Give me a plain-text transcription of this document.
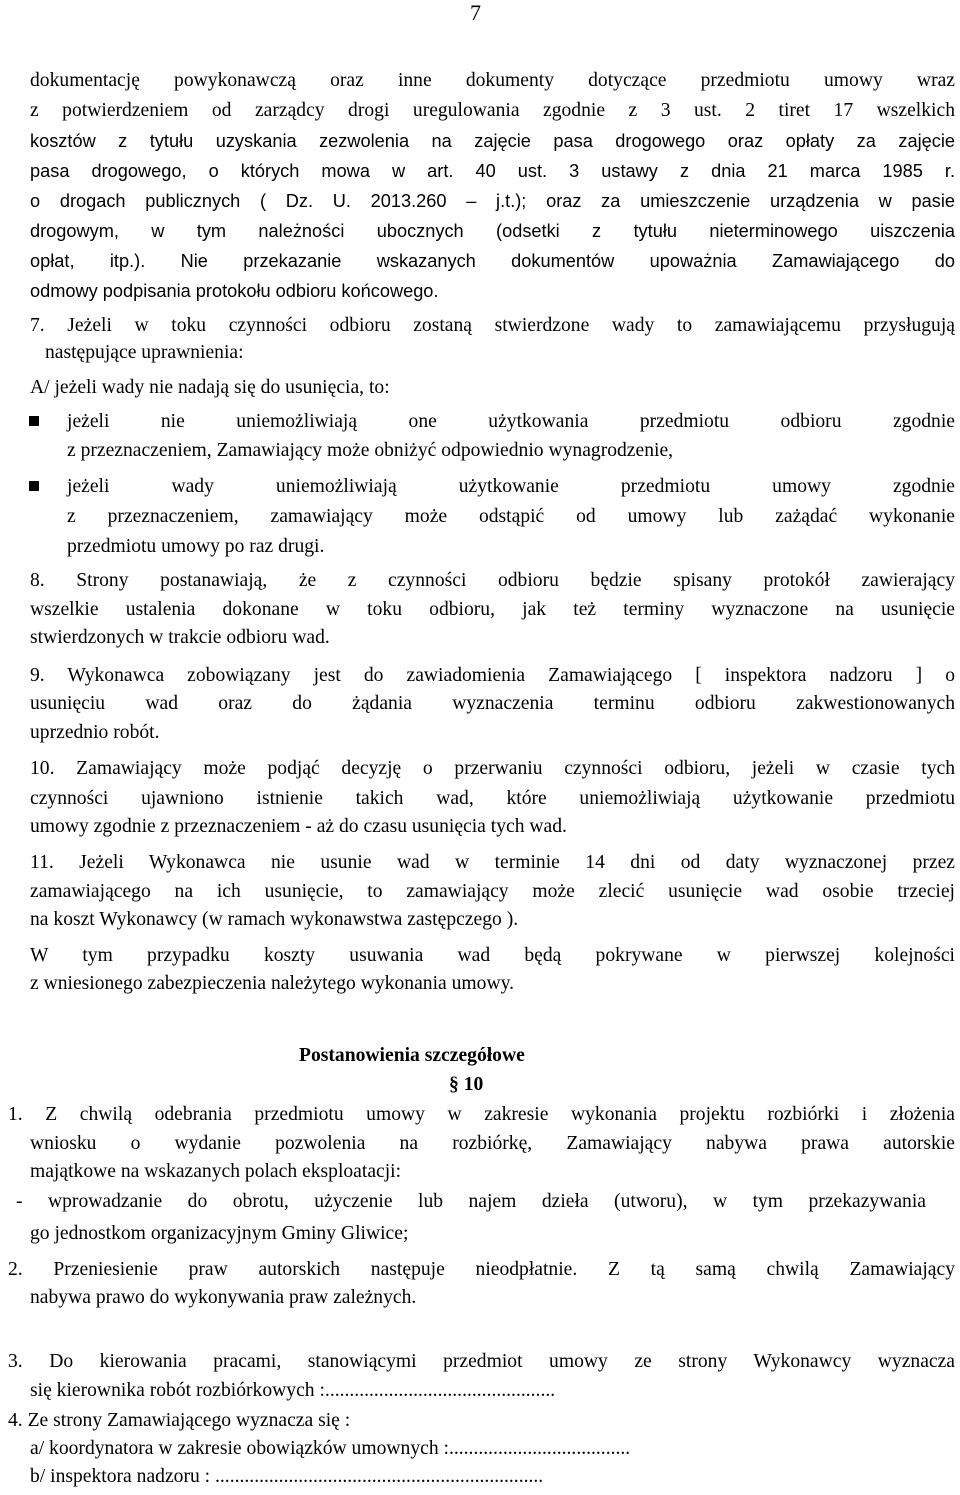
7
dokumentację powykonawczą oraz inne dokumenty dotyczące przedmiotu umowy wraz
z potwierdzeniem od zarządcy drogi uregulowania zgodnie z 3 ust. 2 tiret 17 wszelkich
kosztów z tytułu uzyskania zezwolenia na zajęcie pasa drogowego oraz opłaty za zajęcie
pasa drogowego, o których mowa w art. 40 ust. 3 ustawy z dnia 21 marca 1985 r.
o drogach publicznych ( Dz. U. 2013.260 – j.t.); oraz za umieszczenie urządzenia w pasie
drogowym, w tym należności ubocznych (odsetki z tytułu nieterminowego uiszczenia
opłat, itp.). Nie przekazanie wskazanych dokumentów upoważnia Zamawiającego do
odmowy podpisania protokołu odbioru końcowego.
7. Jeżeli w toku czynności odbioru zostaną stwierdzone wady to zamawiającemu przysługują
następujące uprawnienia:
A/ jeżeli wady nie nadają się do usunięcia, to:
jeżeli nie uniemożliwiają one użytkowania przedmiotu odbioru zgodnie
z przeznaczeniem, Zamawiający może obniżyć odpowiednio wynagrodzenie,
jeżeli wady uniemożliwiają użytkowanie przedmiotu umowy zgodnie
z przeznaczeniem, zamawiający może odstąpić od umowy lub zażądać wykonanie
przedmiotu umowy po raz drugi.
8. Strony postanawiają, że z czynności odbioru będzie spisany protokół zawierający
wszelkie ustalenia dokonane w toku odbioru, jak też terminy wyznaczone na usunięcie
stwierdzonych w trakcie odbioru wad.
9. Wykonawca zobowiązany jest do zawiadomienia Zamawiającego [ inspektora nadzoru ] o
usunięciu wad oraz do żądania wyznaczenia terminu odbioru zakwestionowanych
uprzednio robót.
10. Zamawiający może podjąć decyzję o przerwaniu czynności odbioru, jeżeli w czasie tych
czynności ujawniono istnienie takich wad, które uniemożliwiają użytkowanie przedmiotu
umowy zgodnie z przeznaczeniem - aż do czasu usunięcia tych wad.
11. Jeżeli Wykonawca nie usunie wad w terminie 14 dni od daty wyznaczonej przez
zamawiającego na ich usunięcie, to zamawiający może zlecić usunięcie wad osobie trzeciej
na koszt Wykonawcy (w ramach wykonawstwa zastępczego ).
W tym przypadku koszty usuwania wad będą pokrywane w pierwszej kolejności
z wniesionego zabezpieczenia należytego wykonania umowy.
Postanowienia szczegółowe
§ 10
1. Z chwilą odebrania przedmiotu umowy w zakresie wykonania projektu rozbiórki i złożenia
wniosku o wydanie pozwolenia na rozbiórkę, Zamawiający nabywa prawa autorskie
majątkowe na wskazanych polach eksploatacji:
- wprowadzanie do obrotu, użyczenie lub najem dzieła (utworu), w tym przekazywania
go jednostkom organizacyjnym Gminy Gliwice;
2. Przeniesienie praw autorskich następuje nieodpłatnie. Z tą samą chwilą Zamawiający
nabywa prawo do wykonywania praw zależnych.
3. Do kierowania pracami, stanowiącymi przedmiot umowy ze strony Wykonawcy wyznacza
się kierownika robót rozbiórkowych :...............................................
4. Ze strony Zamawiającego wyznacza się :
a/ koordynatora w zakresie obowiązków umownych :.....................................
b/ inspektora nadzoru : ...................................................................
